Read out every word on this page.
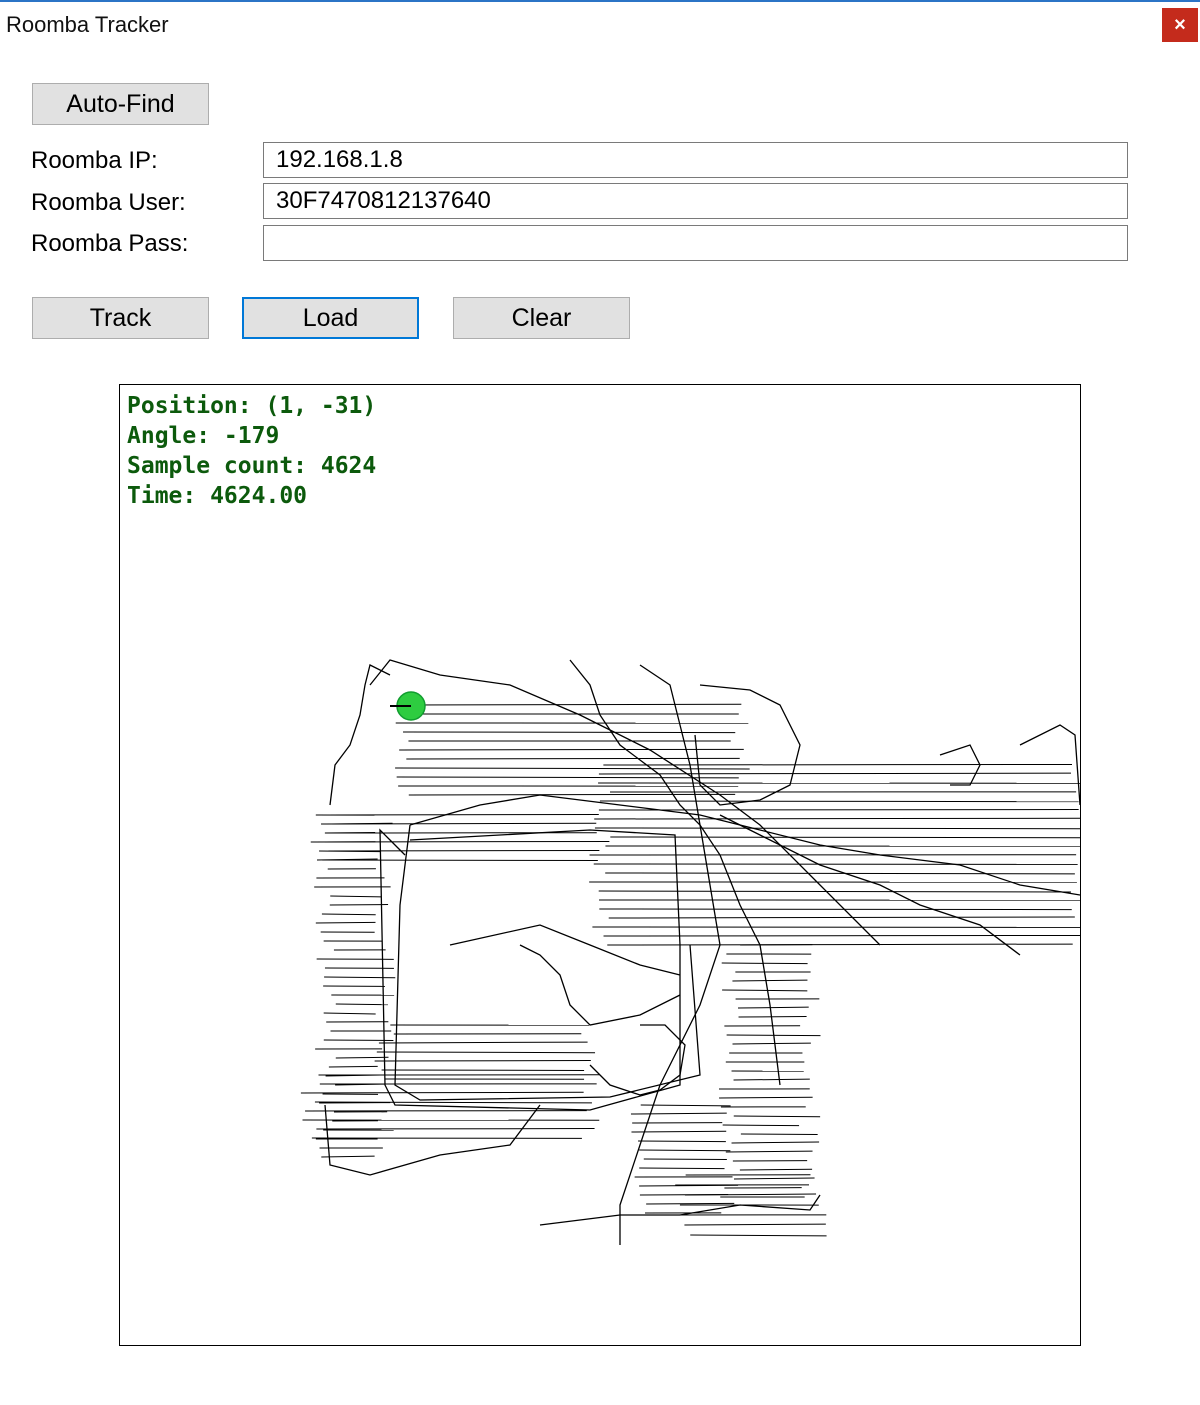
Roomba Tracker	×
Auto-Find
Roomba IP:	192.168.1.8
Roomba User:	30F7470812137640
Roomba Pass:
Track	Load	Clear
Position: (1, -31)
Angle: -179
Sample count: 4624
Time: 4624.00
